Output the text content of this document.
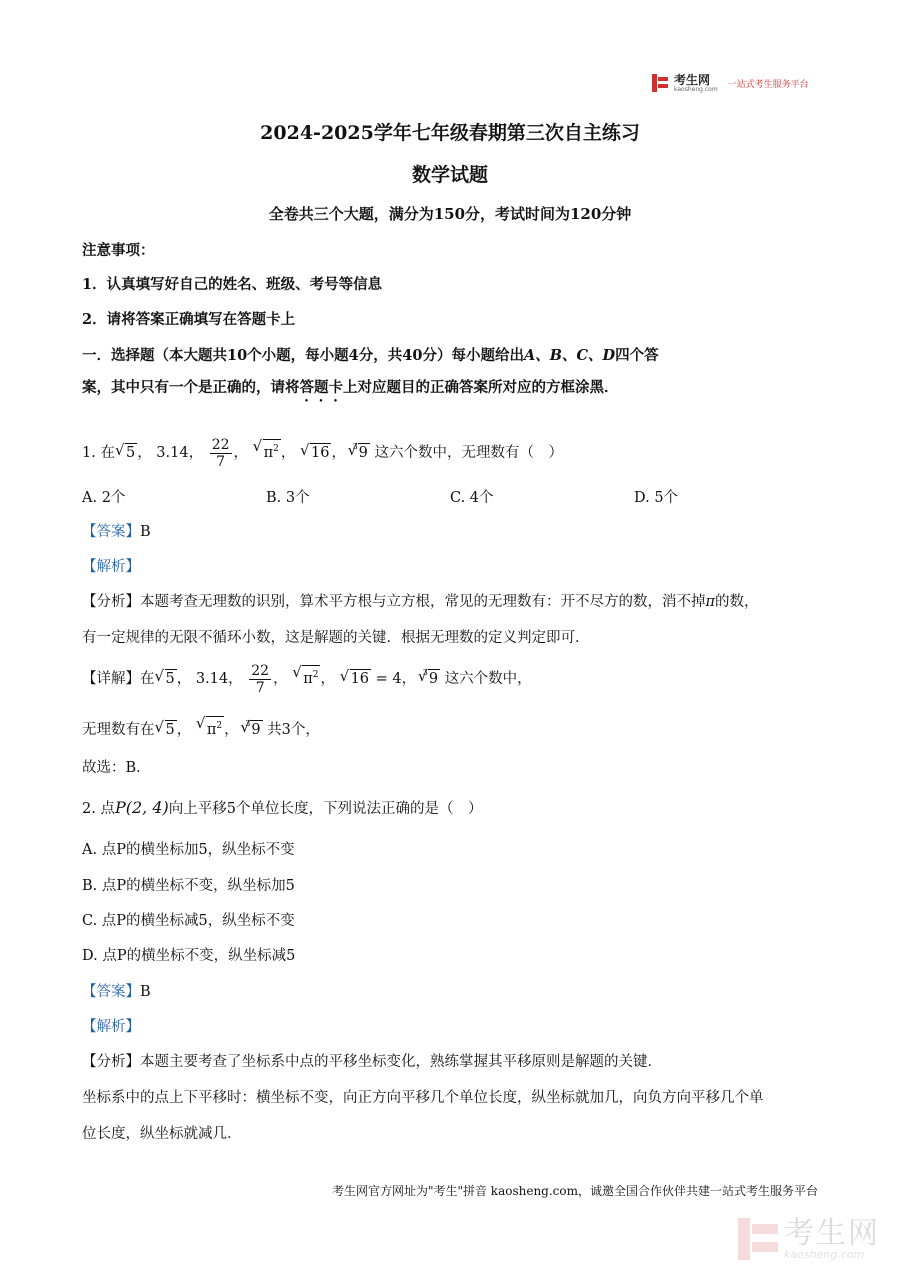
考生网
kaosheng.com 一站式考生服务平台
2024-2025学年七年级春期第三次自主练习
数学试题
全卷共三个大题，满分为150分，考试时间为120分钟
注意事项：
1．认真填写好自己的姓名、班级、考号等信息
2．请将答案正确填写在答题卡上
一．选择题（本大题共10个小题，每小题4分，共40分）每小题给出A、B、C、D四个答
案，其中只有一个是正确的，请将答题卡上对应题目的正确答案所对应的方框涂黑．
1. 在 √ 5 ， 3.14， $\frac{22}{7}$ ， √ $\pi^2$ ， √ 16 ， $^3$√ 9 这六个数中，无理数有（　）
A. 2个	B. 3个	C. 4个	D. 5个
【答案】B
【解析】
【分析】本题考查无理数的识别，算术平方根与立方根，常见的无理数有：开不尽方的数，消不掉π的数，
有一定规律的无限不循环小数，这是解题的关键．根据无理数的定义判定即可．
【详解】在 √ 5 ， 3.14， $\frac{22}{7}$ ， √ $\pi^2$ ， √ 16 = 4， $^3$√ 9 这六个数中，
无理数有在 √ 5 ， √ $\pi^2$ ， $^3$√ 9 共3个，
故选：B．
2. 点P(2, 4)向上平移5个单位长度，下列说法正确的是（　）
A. 点P的横坐标加5，纵坐标不变
B. 点P的横坐标不变，纵坐标加5
C. 点P的横坐标减5，纵坐标不变
D. 点P的横坐标不变，纵坐标减5
【答案】B
【解析】
【分析】本题主要考查了坐标系中点的平移坐标变化，熟练掌握其平移原则是解题的关键．
坐标系中的点上下平移时：横坐标不变，向正方向平移几个单位长度，纵坐标就加几，向负方向平移几个单
位长度，纵坐标就减几．
考生网官方网址为"考生"拼音 kaosheng.com，诚邀全国合作伙伴共建一站式考生服务平台
考生网
kaosheng.com
